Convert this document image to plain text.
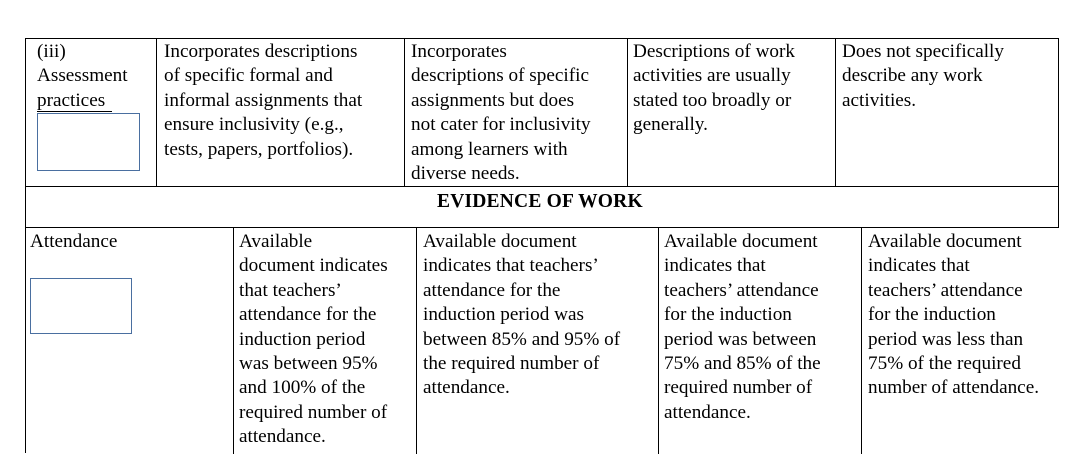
(iii)
Assessment
practices
Incorporates descriptions
of specific formal and
informal assignments that
ensure inclusivity (e.g.,
tests, papers, portfolios).
Incorporates
descriptions of specific
assignments but does
not cater for inclusivity
among learners with
diverse needs.
Descriptions of work
activities are usually
stated too broadly or
generally.
Does not specifically
describe any work
activities.
EVIDENCE OF WORK
Attendance	Available
document indicates
that teachers’
attendance for the
induction period
was between 95%
and 100% of the
required number of
attendance.
Available document
indicates that teachers’
attendance for the
induction period was
between 85% and 95% of
the required number of
attendance.
Available document
indicates that
teachers’ attendance
for the induction
period was between
75% and 85% of the
required number of
attendance.
Available document
indicates that
teachers’ attendance
for the induction
period was less than
75% of the required
number of attendance.
